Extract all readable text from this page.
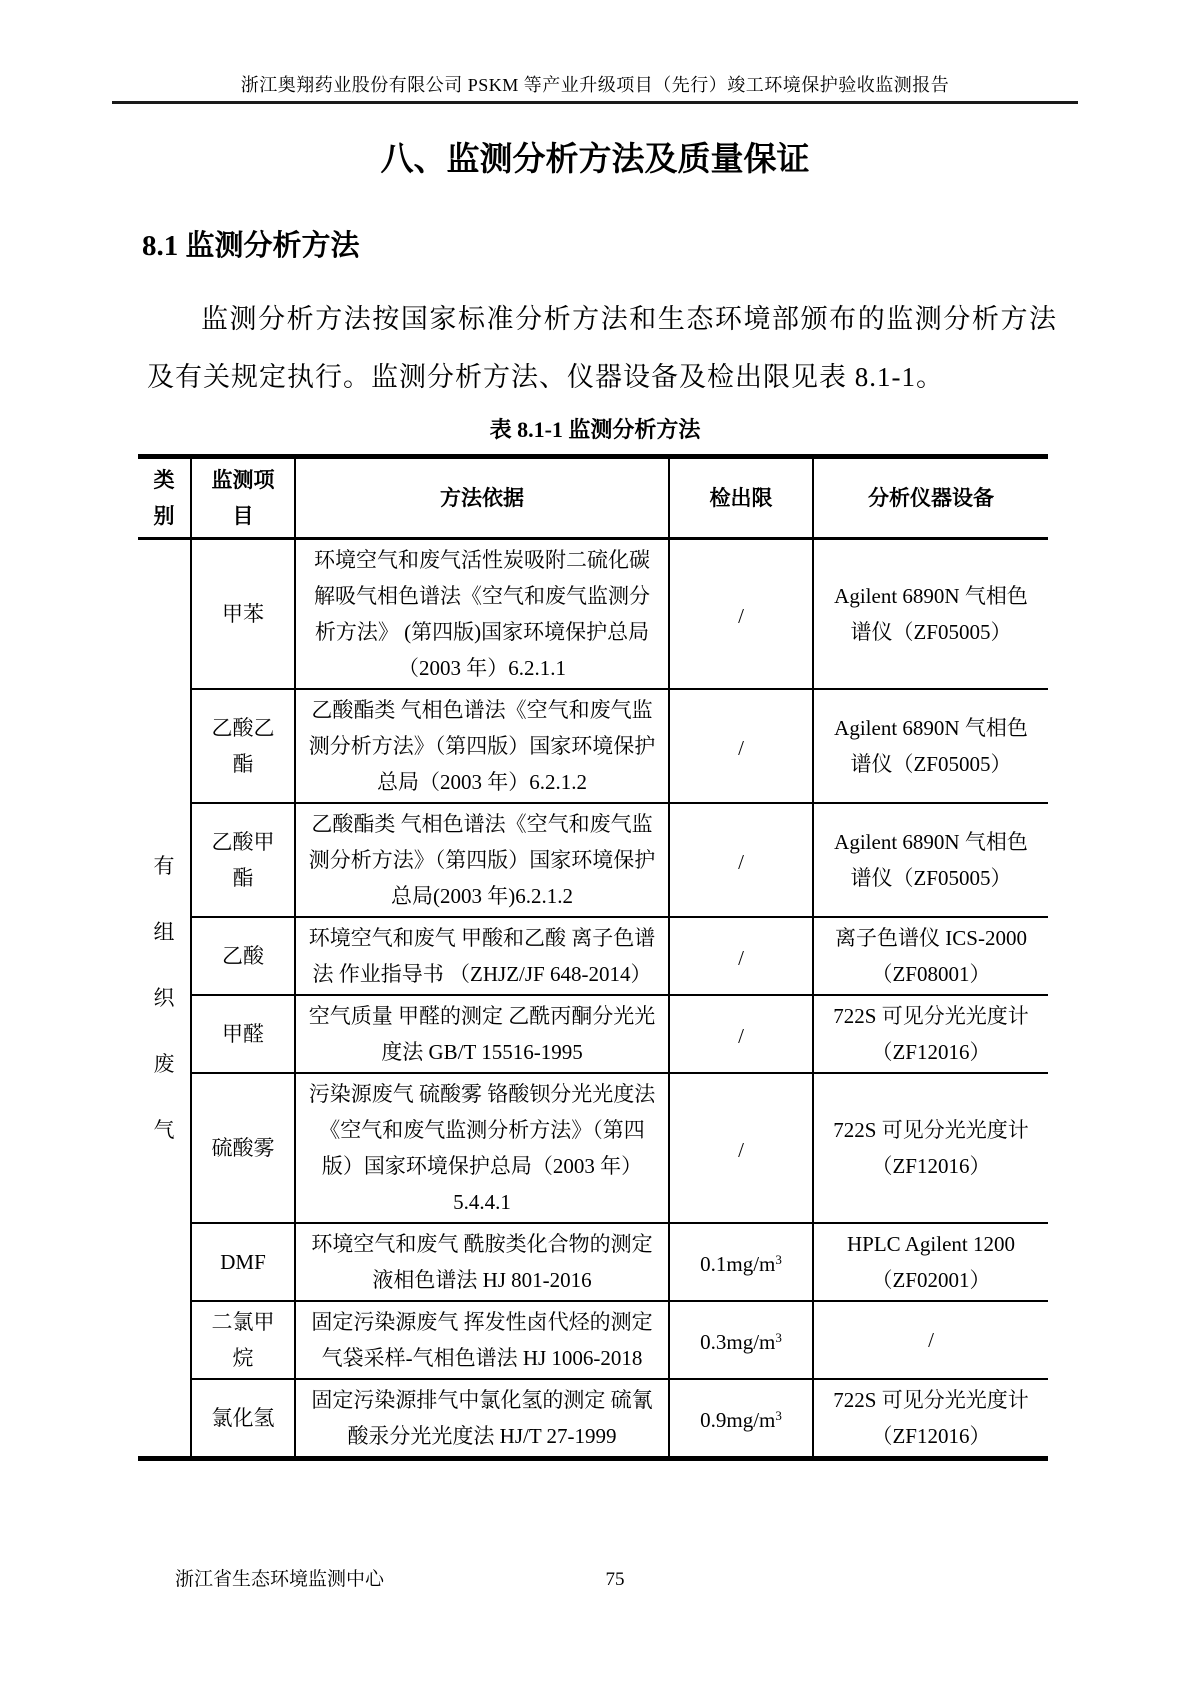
浙江奥翔药业股份有限公司 PSKM 等产业升级项目（先行）竣工环境保护验收监测报告
八、监测分析方法及质量保证
8.1 监测分析方法
监测分析方法按国家标准分析方法和生态环境部颁布的监测分析方法及有关规定执行。监测分析方法、仪器设备及检出限见表 8.1-1。
表 8.1-1 监测分析方法
类别	监测项目	方法依据	检出限	分析仪器设备

有组织废气	甲苯	环境空气和废气活性炭吸附二硫化碳解吸气相色谱法《空气和废气监测分析方法》 (第四版)国家环境保护总局（2003 年）6.2.1.1	/	Agilent 6890N 气相色谱仪（ZF05005）
	乙酸乙酯	乙酸酯类 气相色谱法《空气和废气监测分析方法》（第四版）国家环境保护总局（2003 年）6.2.1.2	/	Agilent 6890N 气相色谱仪（ZF05005）
	乙酸甲酯	乙酸酯类 气相色谱法《空气和废气监测分析方法》（第四版）国家环境保护总局(2003 年)6.2.1.2	/	Agilent 6890N 气相色谱仪（ZF05005）
	乙酸	环境空气和废气 甲酸和乙酸 离子色谱法 作业指导书 （ZHJZ/JF 648-2014）	/	离子色谱仪 ICS-2000（ZF08001）
	甲醛	空气质量 甲醛的测定 乙酰丙酮分光光度法 GB/T 15516-1995	/	722S 可见分光光度计（ZF12016）
	硫酸雾	污染源废气 硫酸雾 铬酸钡分光光度法《空气和废气监测分析方法》（第四版）国家环境保护总局（2003 年） 5.4.4.1	/	722S 可见分光光度计（ZF12016）
	DMF	环境空气和废气 酰胺类化合物的测定 液相色谱法 HJ 801-2016	$0.1mg/m^3$	HPLC Agilent 1200（ZF02001）
	二氯甲烷	固定污染源废气 挥发性卤代烃的测定 气袋采样-气相色谱法 HJ 1006-2018	$0.3mg/m^3$	/
	氯化氢	固定污染源排气中氯化氢的测定 硫氰酸汞分光光度法 HJ/T 27-1999	$0.9mg/m^3$	722S 可见分光光度计（ZF12016）
浙江省生态环境监测中心	75
